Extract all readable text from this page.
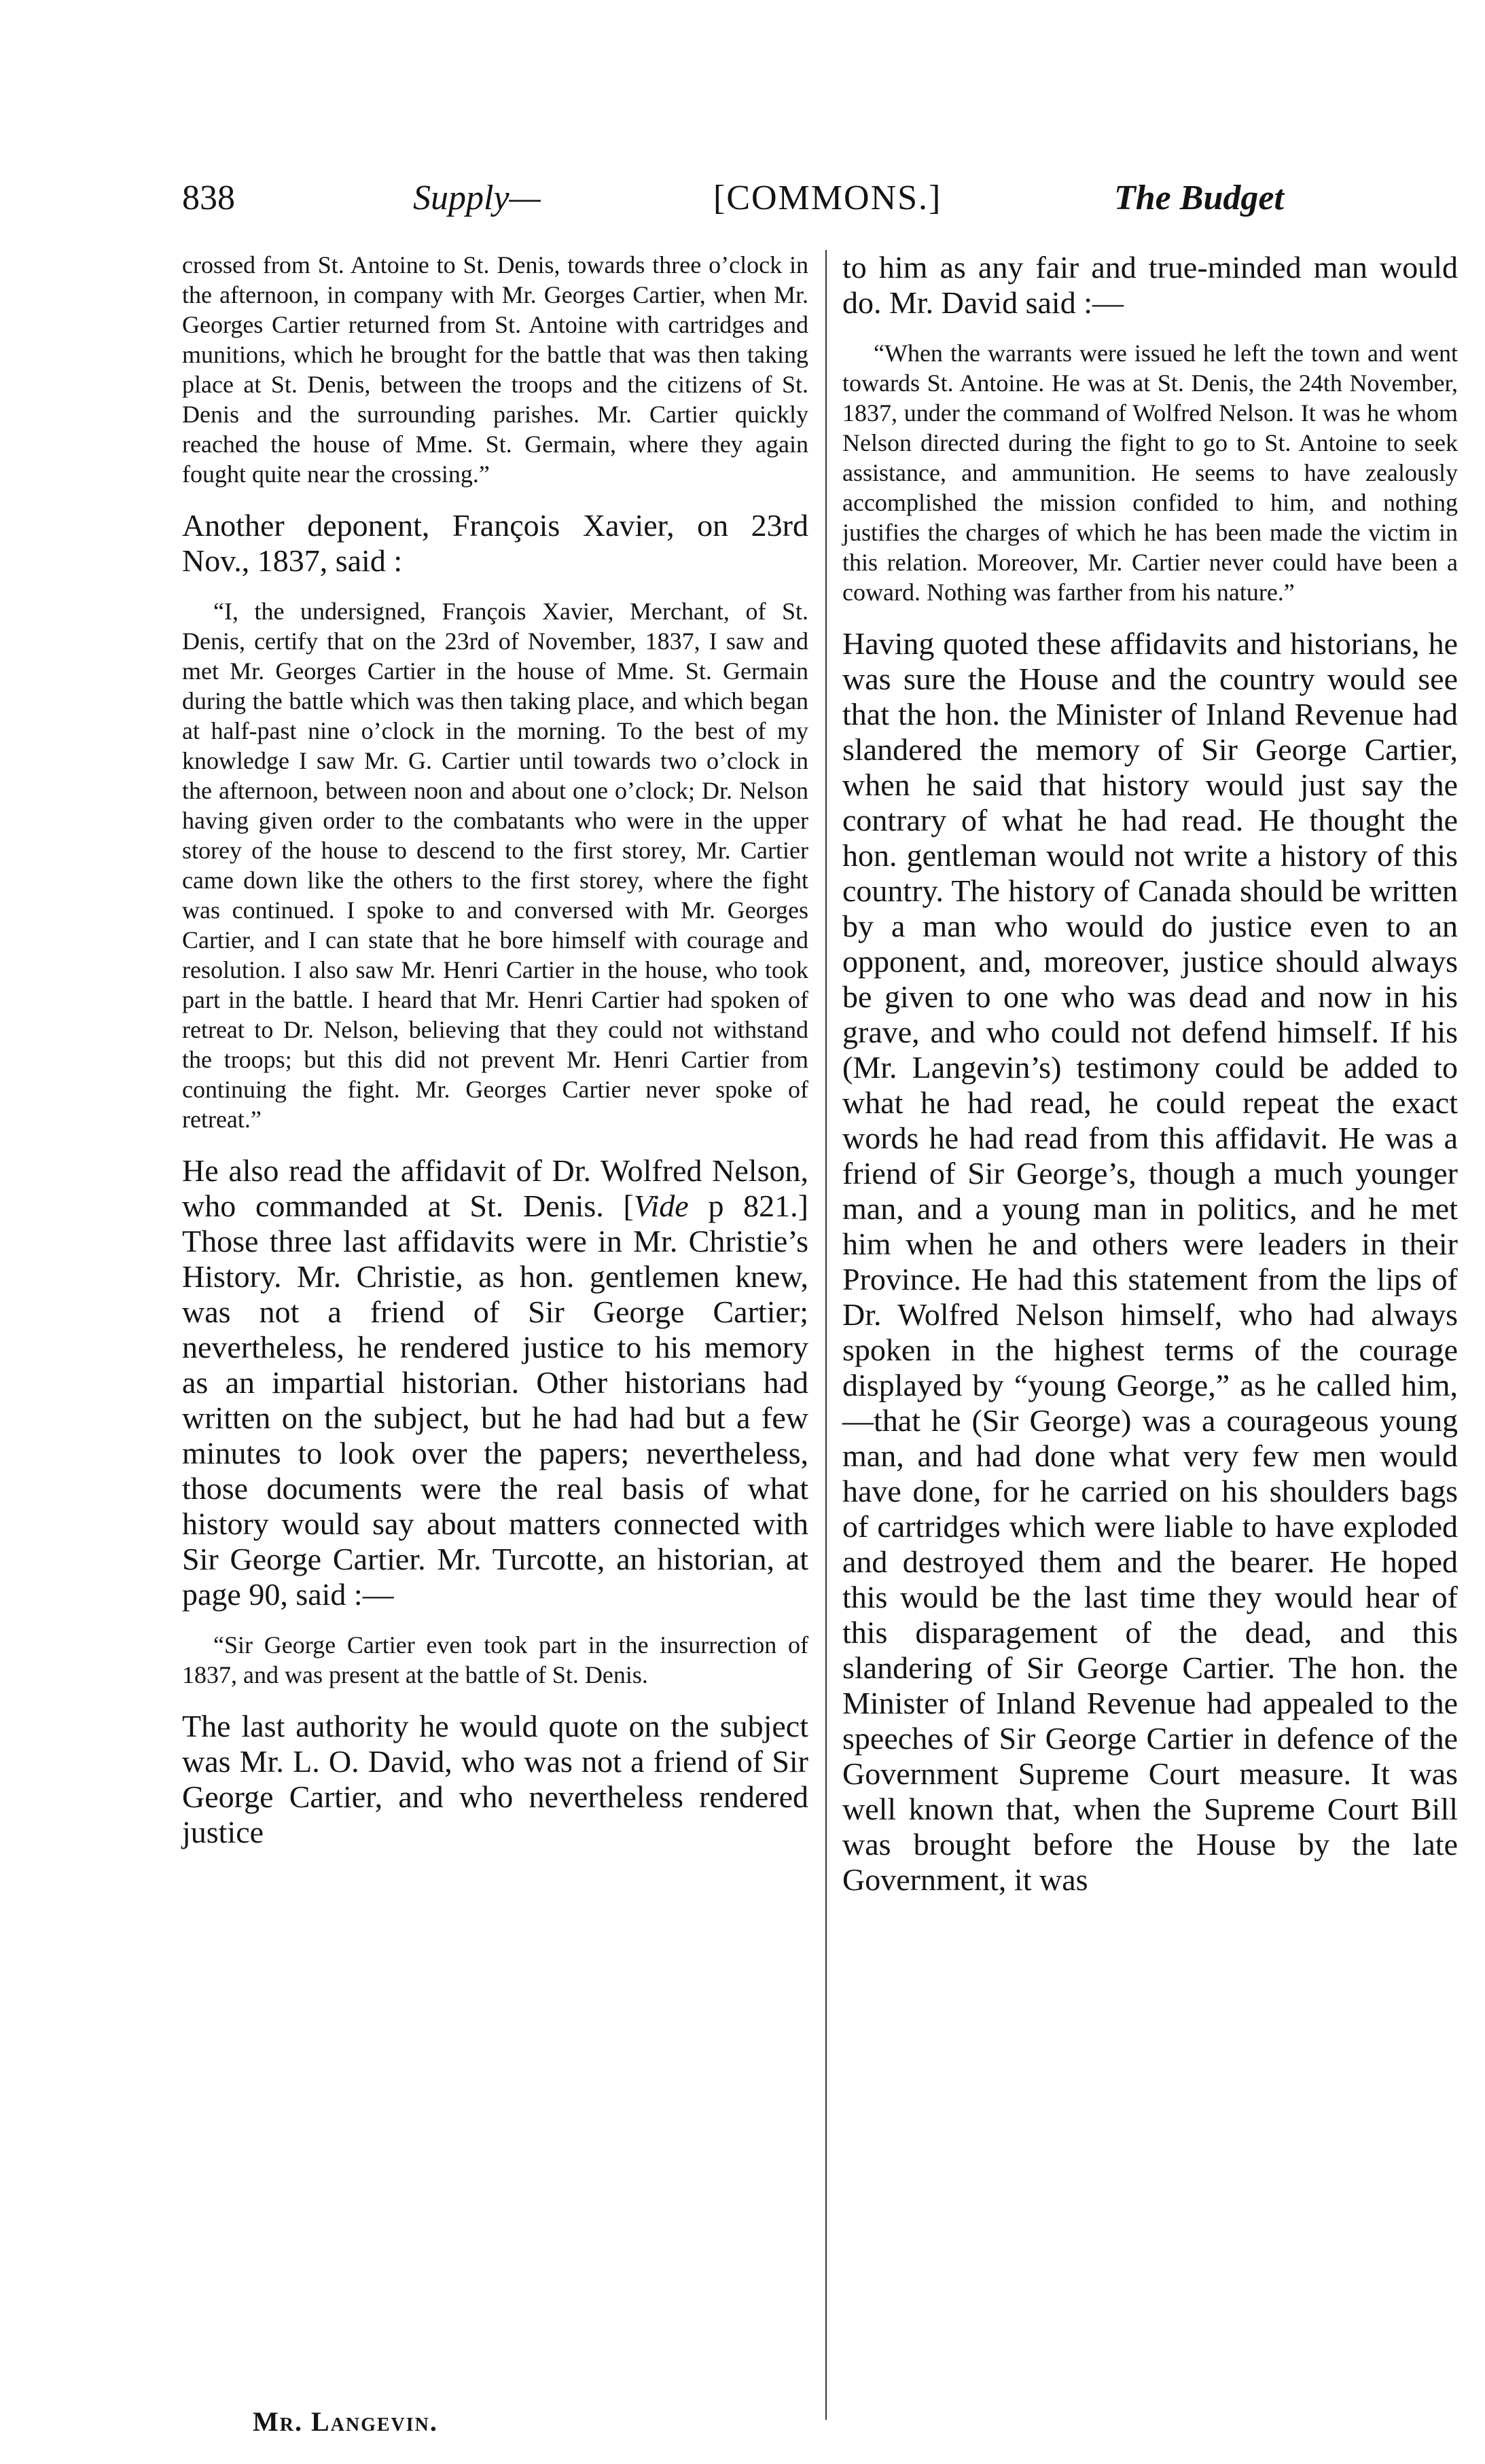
838	Supply—	[COMMONS.]	The Budget

crossed from St. Antoine to St. Denis, towards three o’clock in the afternoon, in company with Mr. Georges Cartier, when Mr. Georges Cartier returned from St. Antoine with cartridges and munitions, which he brought for the battle that was then taking place at St. Denis, between the troops and the citizens of St. Denis and the surrounding parishes. Mr. Cartier quickly reached the house of Mme. St. Germain, where they again fought quite near the crossing.”

Another deponent, François Xavier, on 23rd Nov., 1837, said :

“I, the undersigned, François Xavier, Merchant, of St. Denis, certify that on the 23rd of November, 1837, I saw and met Mr. Georges Cartier in the house of Mme. St. Germain during the battle which was then taking place, and which began at half-past nine o’clock in the morning. To the best of my knowledge I saw Mr. G. Cartier until towards two o’clock in the afternoon, between noon and about one o’clock; Dr. Nelson having given order to the combatants who were in the upper storey of the house to descend to the first storey, Mr. Cartier came down like the others to the first storey, where the fight was continued. I spoke to and conversed with Mr. Georges Cartier, and I can state that he bore himself with courage and resolution. I also saw Mr. Henri Cartier in the house, who took part in the battle. I heard that Mr. Henri Cartier had spoken of retreat to Dr. Nelson, believing that they could not withstand the troops; but this did not prevent Mr. Henri Cartier from continuing the fight. Mr. Georges Cartier never spoke of retreat.”

He also read the affidavit of Dr. Wolfred Nelson, who commanded at St. Denis. [Vide p 821.] Those three last affidavits were in Mr. Christie’s History. Mr. Christie, as hon. gentlemen knew, was not a friend of Sir George Cartier; nevertheless, he rendered justice to his memory as an impartial historian. Other historians had written on the subject, but he had had but a few minutes to look over the papers; nevertheless, those documents were the real basis of what history would say about matters connected with Sir George Cartier. Mr. Turcotte, an historian, at page 90, said :—

“Sir George Cartier even took part in the insurrection of 1837, and was present at the battle of St. Denis.

The last authority he would quote on the subject was Mr. L. O. David, who was not a friend of Sir George Cartier, and who nevertheless rendered justice

to him as any fair and true-minded man would do. Mr. David said :—

“When the warrants were issued he left the town and went towards St. Antoine. He was at St. Denis, the 24th November, 1837, under the command of Wolfred Nelson. It was he whom Nelson directed during the fight to go to St. Antoine to seek assistance, and ammunition. He seems to have zealously accomplished the mission confided to him, and nothing justifies the charges of which he has been made the victim in this relation. Moreover, Mr. Cartier never could have been a coward. Nothing was farther from his nature.”

Having quoted these affidavits and historians, he was sure the House and the country would see that the hon. the Minister of Inland Revenue had slandered the memory of Sir George Cartier, when he said that history would just say the contrary of what he had read. He thought the hon. gentleman would not write a history of this country. The history of Canada should be written by a man who would do justice even to an opponent, and, moreover, justice should always be given to one who was dead and now in his grave, and who could not defend himself. If his (Mr. Langevin’s) testimony could be added to what he had read, he could repeat the exact words he had read from this affidavit. He was a friend of Sir George’s, though a much younger man, and a young man in politics, and he met him when he and others were leaders in their Province. He had this statement from the lips of Dr. Wolfred Nelson himself, who had always spoken in the highest terms of the courage displayed by “young George,” as he called him,—that he (Sir George) was a courageous young man, and had done what very few men would have done, for he carried on his shoulders bags of cartridges which were liable to have exploded and destroyed them and the bearer. He hoped this would be the last time they would hear of this disparagement of the dead, and this slandering of Sir George Cartier. The hon. the Minister of Inland Revenue had appealed to the speeches of Sir George Cartier in defence of the Government Supreme Court measure. It was well known that, when the Supreme Court Bill was brought before the House by the late Government, it was

Mr. Langevin.
